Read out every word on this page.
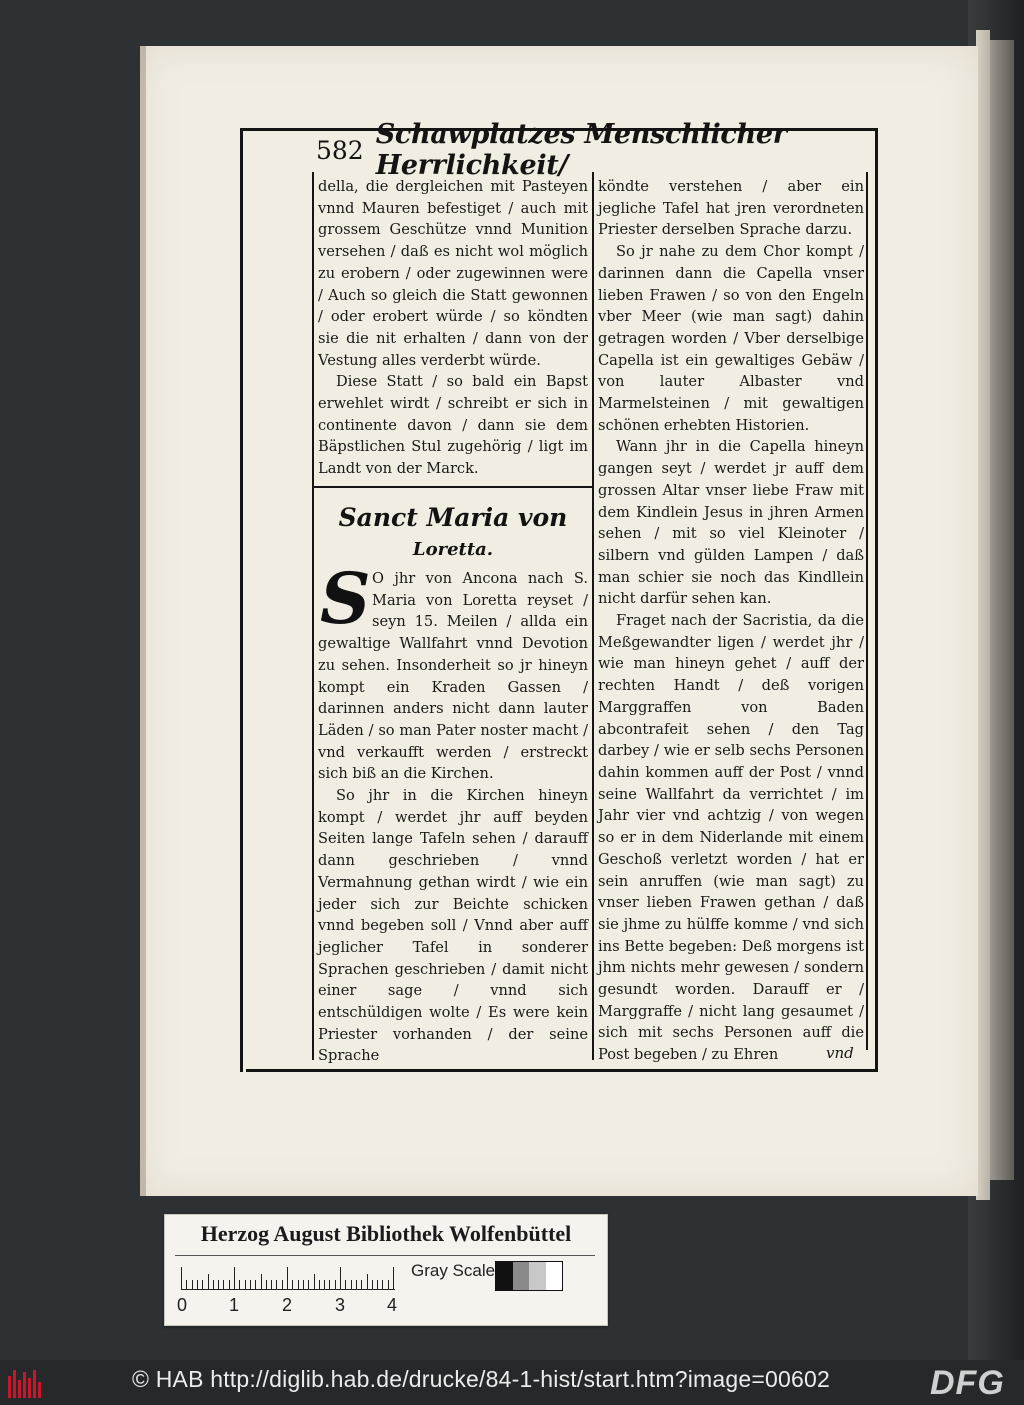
582 Schawplatzes Menschlicher Herrlichkeit/

della, die dergleichen mit Pasteyen vnnd Mauren befestiget / auch mit grossem Geschütze vnnd Munition versehen / daß es nicht wol möglich zu erobern / oder zugewinnen were / Auch so gleich die Statt gewonnen / oder erobert würde / so köndten sie die nit erhalten / dann von der Vestung alles verderbt würde.

Diese Statt / so bald ein Bapst erwehlet wirdt / schreibt er sich in continente davon / dann sie dem Bäpstlichen Stul zugehörig / ligt im Landt von der Marck.

Sanct Maria von
Loretta.
S O jhr von Ancona nach S. Maria von Loretta reyset / seyn 15. Meilen / allda ein gewaltige Wallfahrt vnnd Devotion zu sehen. Insonderheit so jr hineyn kompt ein Kraden Gassen / darinnen anders nicht dann lauter Läden / so man Pater noster macht / vnd verkaufft werden / erstreckt sich biß an die Kirchen.

So jhr in die Kirchen hineyn kompt / werdet jhr auff beyden Seiten lange Tafeln sehen / darauff dann geschrieben / vnnd Vermahnung gethan wirdt / wie ein jeder sich zur Beichte schicken vnnd begeben soll / Vnnd aber auff jeglicher Tafel in sonderer Sprachen geschrieben / damit nicht einer sage / vnnd sich entschüldigen wolte / Es were kein Priester vorhanden / der seine Sprache

köndte verstehen / aber ein jegliche Tafel hat jren verordneten Priester derselben Sprache darzu.

So jr nahe zu dem Chor kompt / darinnen dann die Capella vnser lieben Frawen / so von den Engeln vber Meer (wie man sagt) dahin getragen worden / Vber derselbige Capella ist ein gewaltiges Gebäw / von lauter Albaster vnd Marmelsteinen / mit gewaltigen schönen erhebten Historien.

Wann jhr in die Capella hineyn gangen seyt / werdet jr auff dem grossen Altar vnser liebe Fraw mit dem Kindlein Jesus in jhren Armen sehen / mit so viel Kleinoter / silbern vnd gülden Lampen / daß man schier sie noch das Kindllein nicht darfür sehen kan.

Fraget nach der Sacristia, da die Meßgewandter ligen / werdet jhr / wie man hineyn gehet / auff der rechten Handt / deß vorigen Marggraffen von Baden abcontrafeit sehen / den Tag darbey / wie er selb sechs Personen dahin kommen auff der Post / vnnd seine Wallfahrt da verrichtet / im Jahr vier vnd achtzig / von wegen so er in dem Niderlande mit einem Geschoß verletzt worden / hat er sein anruffen (wie man sagt) zu vnser lieben Frawen gethan / daß sie jhme zu hülffe komme / vnd sich ins Bette begeben: Deß morgens ist jhm nichts mehr gewesen / sondern gesundt worden. Darauff er / Marggraffe / nicht lang gesaumet / sich mit sechs Personen auff die Post begeben / zu Ehren	vnd
Herzog August Bibliothek Wolfenbüttel
0 1 2 3 4
Gray Scale
© HAB http://diglib.hab.de/drucke/84-1-hist/start.htm?image=00602	DFG
